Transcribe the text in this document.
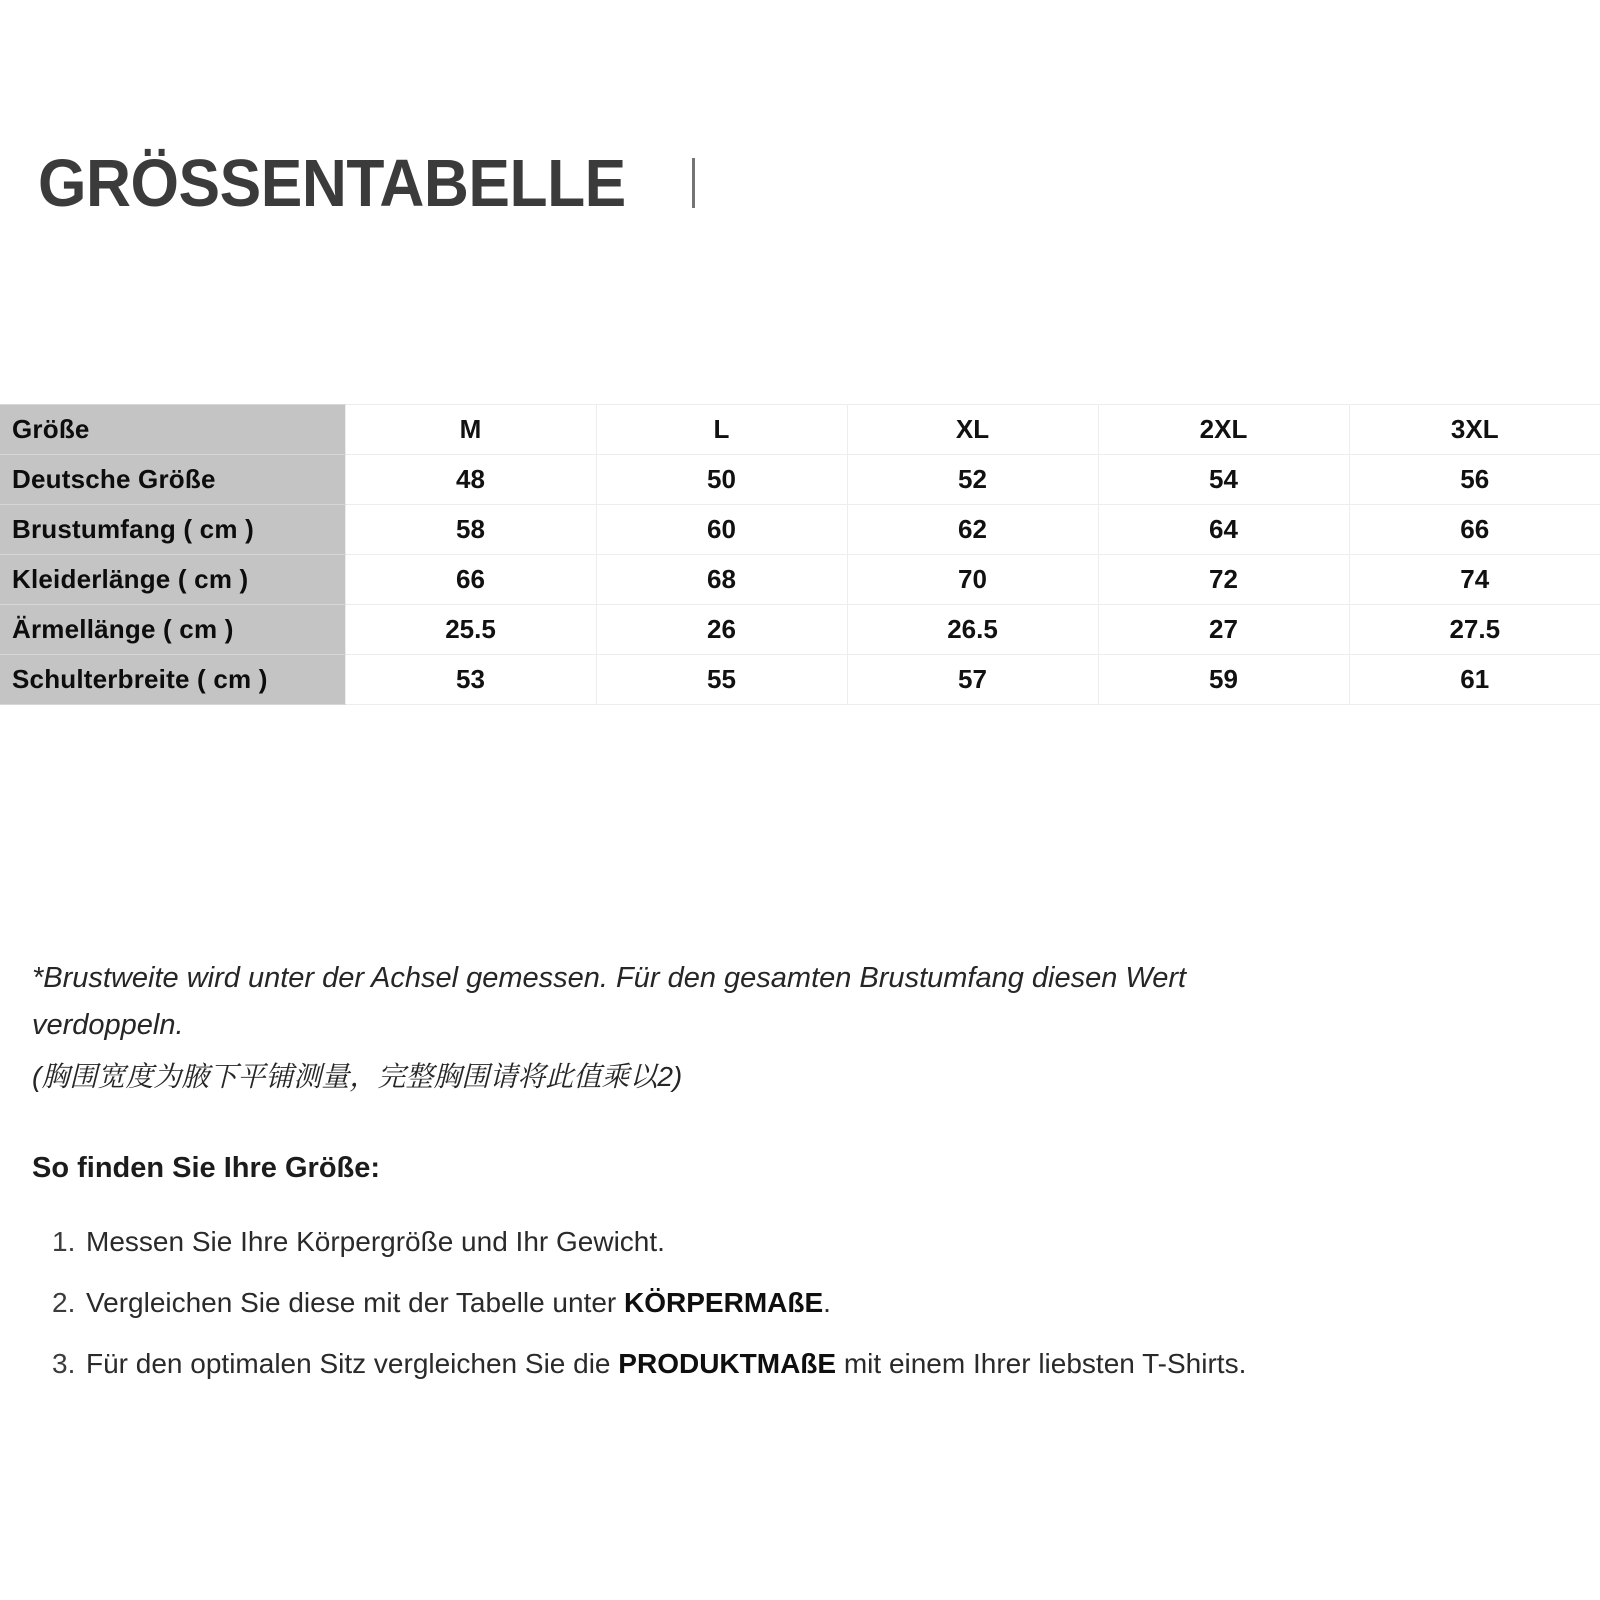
GRÖSSENTABELLE
Größe	M	L	XL	2XL	3XL
Deutsche Größe	48	50	52	54	56
Brustumfang ( cm )	58	60	62	64	66
Kleiderlänge ( cm )	66	68	70	72	74
Ärmellänge ( cm )	25.5	26	26.5	27	27.5
Schulterbreite ( cm )	53	55	57	59	61
*Brustweite wird unter der Achsel gemessen. Für den gesamten Brustumfang diesen Wert verdoppeln.
(胸围宽度为腋下平铺测量，完整胸围请将此值乘以2)
So finden Sie Ihre Größe:
1. Messen Sie Ihre Körpergröße und Ihr Gewicht.
2. Vergleichen Sie diese mit der Tabelle unter KÖRPERMAßE.
3. Für den optimalen Sitz vergleichen Sie die PRODUKTMAßE mit einem Ihrer liebsten T-Shirts.
